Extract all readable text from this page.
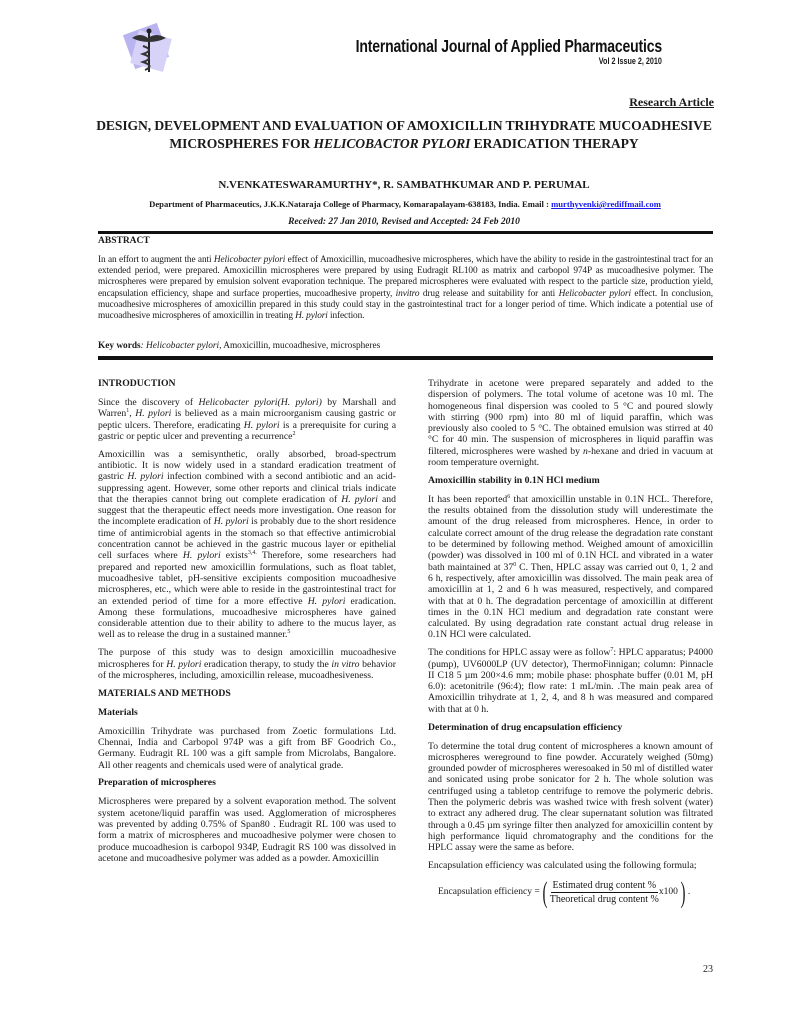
International Journal of Applied Pharmaceutics
Vol 2 Issue 2, 2010
Research Article
DESIGN, DEVELOPMENT AND EVALUATION OF AMOXICILLIN TRIHYDRATE MUCOADHESIVE
MICROSPHERES FOR HELICOBACTOR PYLORI ERADICATION THERAPY
N.VENKATESWARAMURTHY*, R. SAMBATHKUMAR AND P. PERUMAL
Department of Pharmaceutics, J.K.K.Nataraja College of Pharmacy, Komarapalayam-638183, India. Email : murthyvenki@rediffmail.com
Received: 27 Jan 2010, Revised and Accepted: 24 Feb 2010
ABSTRACT
In an effort to augment the anti Helicobacter pylori effect of Amoxicillin, mucoadhesive microspheres, which have the ability to reside in the gastrointestinal tract for an extended period, were prepared. Amoxicillin microspheres were prepared by using Eudragit RL100 as matrix and carbopol 974P as mucoadhesive polymer. The microspheres were prepared by emulsion solvent evaporation technique. The prepared microspheres were evaluated with respect to the particle size, production yield, encapsulation efficiency, shape and surface properties, mucoadhesive property, invitro drug release and suitability for anti Helicobacter pylori effect. In conclusion, mucoadhesive microspheres of amoxicillin prepared in this study could stay in the gastrointestinal tract for a longer period of time. Which indicate a potential use of mucoadhesive microspheres of amoxicillin in treating H. pylori infection.
Key words: Helicobacter pylori, Amoxicillin, mucoadhesive, microspheres
INTRODUCTION

Since the discovery of Helicobacter pylori(H. pylori) by Marshall and Warren$^1$, H. pylori is believed as a main microorganism causing gastric or peptic ulcers. Therefore, eradicating H. pylori is a prerequisite for curing a gastric or peptic ulcer and preventing a recurrence$^2$

Amoxicillin was a semisynthetic, orally absorbed, broad-spectrum antibiotic. It is now widely used in a standard eradication treatment of gastric H. pylori infection combined with a second antibiotic and an acid-suppressing agent. However, some other reports and clinical trials indicate that the therapies cannot bring out complete eradication of H. pylori and suggest that the therapeutic effect needs more investigation. One reason for the incomplete eradication of H. pylori is probably due to the short residence time of antimicrobial agents in the stomach so that effective antimicrobial concentration cannot be achieved in the gastric mucous layer or epithelial cell surfaces where H. pylori exists$^{3,4.}$ Therefore, some researchers had prepared and reported new amoxicillin formulations, such as float tablet, mucoadhesive tablet, pH-sensitive excipients composition mucoadhesive microspheres, etc., which were able to reside in the gastrointestinal tract for an extended period of time for a more effective H. pylori eradication. Among these formulations, mucoadhesive microspheres have gained considerable attention due to their ability to adhere to the mucus layer, as well as to release the drug in a sustained manner.$^5$

The purpose of this study was to design amoxicillin mucoadhesive microspheres for H. pylori eradication therapy, to study the in vitro behavior of the microspheres, including, amoxicillin release, mucoadhesiveness.

MATERIALS AND METHODS
Materials

Amoxicillin Trihydrate was purchased from Zoetic formulations Ltd. Chennai, India and Carbopol 974P was a gift from BF Goodrich Co., Germany. Eudragit RL 100 was a gift sample from Microlabs, Bangalore. All other reagents and chemicals used were of analytical grade.

Preparation of microspheres

Microspheres were prepared by a solvent evaporation method. The solvent system acetone/liquid paraffin was used. Agglomeration of microspheres was prevented by adding 0.75% of Span80 . Eudragit RL 100 was used to form a matrix of microspheres and mucoadhesive polymer were chosen to produce mucoadhesion is carbopol 934P, Eudragit RS 100 was dissolved in acetone and mucoadhesive polymer was added as a powder. Amoxicillin

Trihydrate in acetone were prepared separately and added to the dispersion of polymers. The total volume of acetone was 10 ml. The homogeneous final dispersion was cooled to 5 °C and poured slowly with stirring (900 rpm) into 80 ml of liquid paraffin, which was previously also cooled to 5 °C. The obtained emulsion was stirred at 40 °C for 40 min. The suspension of microspheres in liquid paraffin was filtered, microspheres were washed by n-hexane and dried in vacuum at room temperature overnight.

Amoxicillin stability in 0.1N HCl medium

It has been reported$^6$ that amoxicillin unstable in 0.1N HCL. Therefore, the results obtained from the dissolution study will underestimate the amount of the drug released from microspheres. Hence, in order to calculate correct amount of the drug release the degradation rate constant to be determined by following method. Weighed amount of amoxicillin (powder) was dissolved in 100 ml of 0.1N HCL and vibrated in a water bath maintained at $37^0$ C. Then, HPLC assay was carried out 0, 1, 2 and 6 h, respectively, after amoxicillin was dissolved. The main peak area of amoxicillin at 1, 2 and 6 h was measured, respectively, and compared with that at 0 h. The degradation percentage of amoxicillin at different times in the 0.1N HCl medium and degradation rate constant were calculated. By using degradation rate constant actual drug release in 0.1N HCl were calculated.

The conditions for HPLC assay were as follow$^7$: HPLC apparatus; P4000 (pump), UV6000LP (UV detector), ThermoFinnigan; column: Pinnacle II C18 5 µm 200×4.6 mm; mobile phase: phosphate buffer (0.01 M, pH 6.0): acetonitrile (96:4); flow rate: 1 mL/min. .The main peak area of Amoxicillin trihydrate at 1, 2, 4, and 8 h was measured and compared with that at 0 h.

Determination of drug encapsulation efficiency

To determine the total drug content of microspheres a known amount of microspheres wereground to fine powder. Accurately weighed (50mg) grounded powder of microspheres weresoaked in 50 ml of distilled water and sonicated using probe sonicator for 2 h. The whole solution was centrifuged using a tabletop centrifuge to remove the polymeric debris. Then the polymeric debris was washed twice with fresh solvent (water) to extract any adhered drug. The clear supernatant solution was filtrated through a 0.45 µm syringe filter then analyzed for amoxicillin content by high performance liquid chromatography and the conditions for the HPLC assay were the same as before.

Encapsulation efficiency was calculated using the following formula;

Encapsulation efficiency = ( $\frac{\text{Estimated drug content \%}}{\text{Theoretical drug content \%}} x100$ ) .
23
